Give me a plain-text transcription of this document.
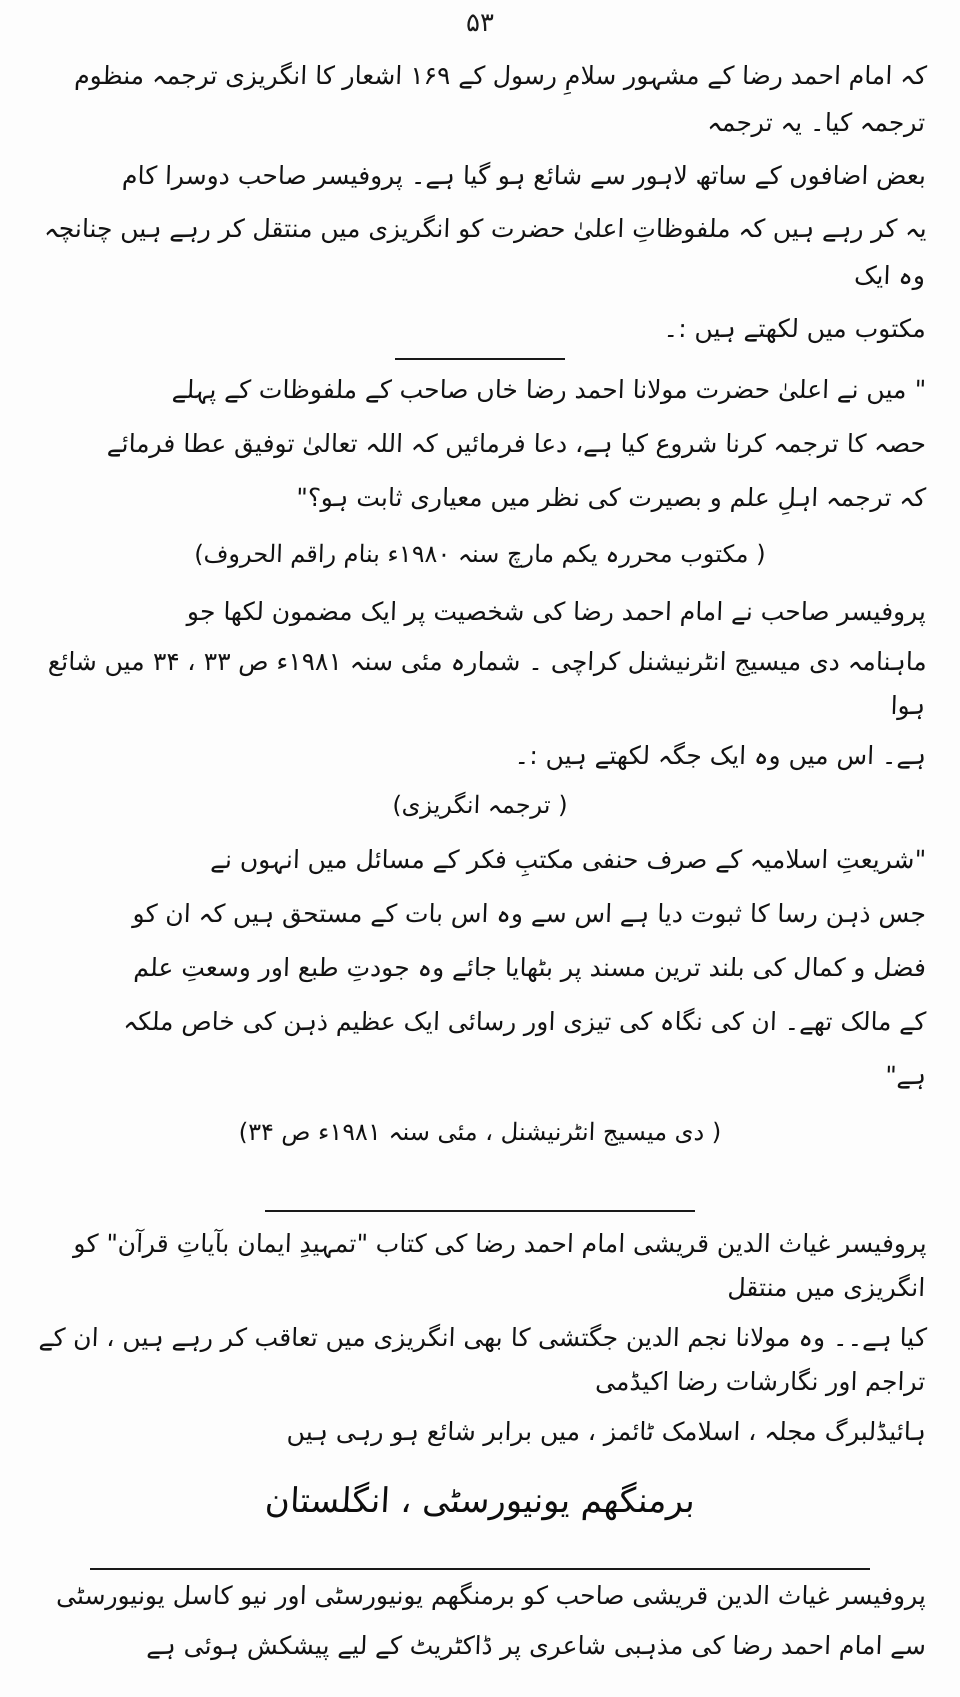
۵۳

کہ امام احمد رضا کے مشہور سلامِ رسول کے ۱۶۹ اشعار کا انگریزی ترجمہ منظوم ترجمہ کیا۔ یہ ترجمہ

بعض اضافوں کے ساتھ لاہور سے شائع ہو گیا ہے۔ پروفیسر صاحب دوسرا کام

یہ کر رہے ہیں کہ ملفوظاتِ اعلیٰ حضرت کو انگریزی میں منتقل کر رہے ہیں چنانچہ وہ ایک

مکتوب میں لکھتے ہیں :۔

" میں نے اعلیٰ حضرت مولانا احمد رضا خاں صاحب کے ملفوظات کے پہلے

حصہ کا ترجمہ کرنا شروع کیا ہے، دعا فرمائیں کہ اللہ تعالیٰ توفیق عطا فرمائے

کہ ترجمہ اہلِ علم و بصیرت کی نظر میں معیاری ثابت ہو؟"

(مکتوب محررہ یکم مارچ سنہ ۱۹۸۰ء بنام راقم الحروف )

پروفیسر صاحب نے امام احمد رضا کی شخصیت پر ایک مضمون لکھا جو

ماہنامہ دی میسیج انٹرنیشنل کراچی ۔ شمارہ مئی سنہ ۱۹۸۱ء ص ۳۳ ، ۳۴ میں شائع ہوا

ہے۔ اس میں وہ ایک جگہ لکھتے ہیں :۔

(ترجمہ انگریزی )

"شریعتِ اسلامیہ کے صرف حنفی مکتبِ فکر کے مسائل میں انہوں نے

جس ذہن رسا کا ثبوت دیا ہے اس سے وہ اس بات کے مستحق ہیں کہ ان کو

فضل و کمال کی بلند ترین مسند پر بٹھایا جائے وہ جودتِ طبع اور وسعتِ علم

کے مالک تھے۔ ان کی نگاہ کی تیزی اور رسائی ایک عظیم ذہن کی خاص ملکہ

ہے"

(دی میسیج انٹرنیشنل ، مئی سنہ ۱۹۸۱ء ص ۳۴ )

پروفیسر غیاث الدین قریشی امام احمد رضا کی کتاب "تمہیدِ ایمان بآیاتِ قرآن" کو انگریزی میں منتقل

کیا ہے۔۔ وہ مولانا نجم الدین جگتشی کا بھی انگریزی میں تعاقب کر رہے ہیں ، ان کے تراجم اور نگارشات رضا اکیڈمی

ہائیڈلبرگ مجلہ ، اسلامک ٹائمز ، میں برابر شائع ہو رہی ہیں

برمنگھم یونیورسٹی ، انگلستان

پروفیسر غیاث الدین قریشی صاحب کو برمنگھم یونیورسٹی اور نیو کاسل یونیورسٹی

سے امام احمد رضا کی مذہبی شاعری پر ڈاکٹریٹ کے لیے پیشکش ہوئی ہے
